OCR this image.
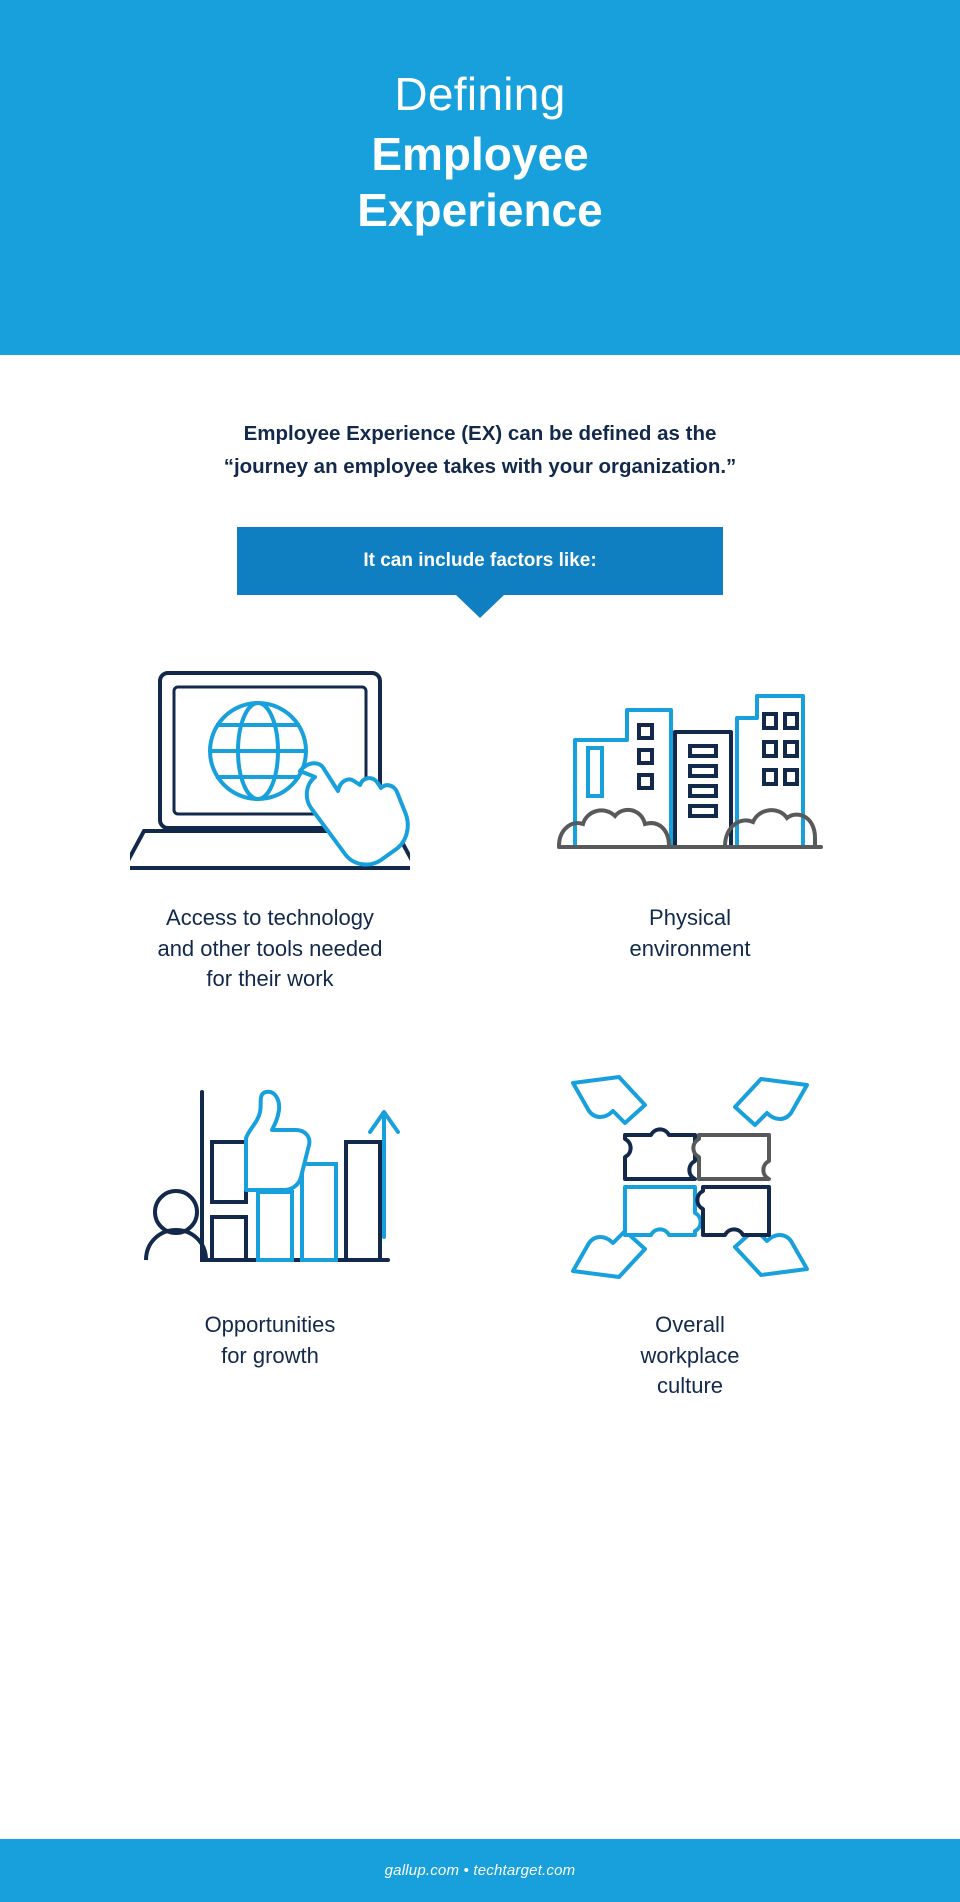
Defining
Employee
Experience
Employee Experience (EX) can be defined as the
“journey an employee takes with your organization.”
It can include factors like:
Access to technology
and other tools needed
for their work
Physical
environment
Opportunities
for growth
Overall
workplace
culture
gallup.com • techtarget.com
